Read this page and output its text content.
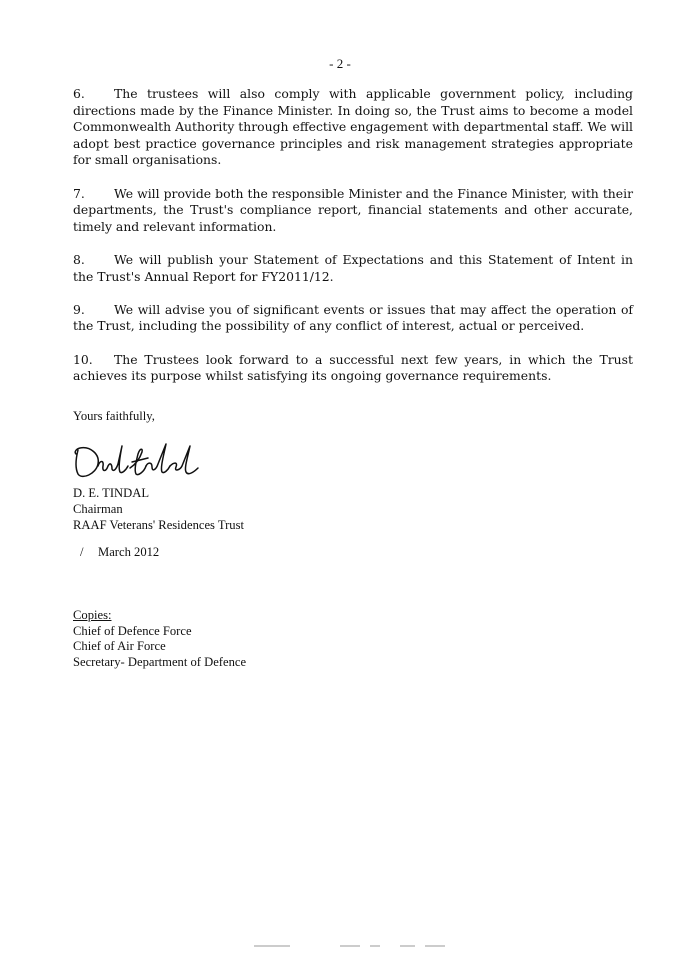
- 2 -

6. The trustees will also comply with applicable government policy, including directions made by the Finance Minister. In doing so, the Trust aims to become a model Commonwealth Authority through effective engagement with departmental staff. We will adopt best practice governance principles and risk management strategies appropriate for small organisations.

7. We will provide both the responsible Minister and the Finance Minister, with their departments, the Trust's compliance report, financial statements and other accurate, timely and relevant information.

8. We will publish your Statement of Expectations and this Statement of Intent in the Trust's Annual Report for FY2011/12.

9. We will advise you of significant events or issues that may affect the operation of the Trust, including the possibility of any conflict of interest, actual or perceived.

10. The Trustees look forward to a successful next few years, in which the Trust achieves its purpose whilst satisfying its ongoing governance requirements.

Yours faithfully,
D. E. TINDAL
Chairman
RAAF Veterans' Residences Trust
/ March 2012
Copies:
Chief of Defence Force
Chief of Air Force
Secretary- Department of Defence
